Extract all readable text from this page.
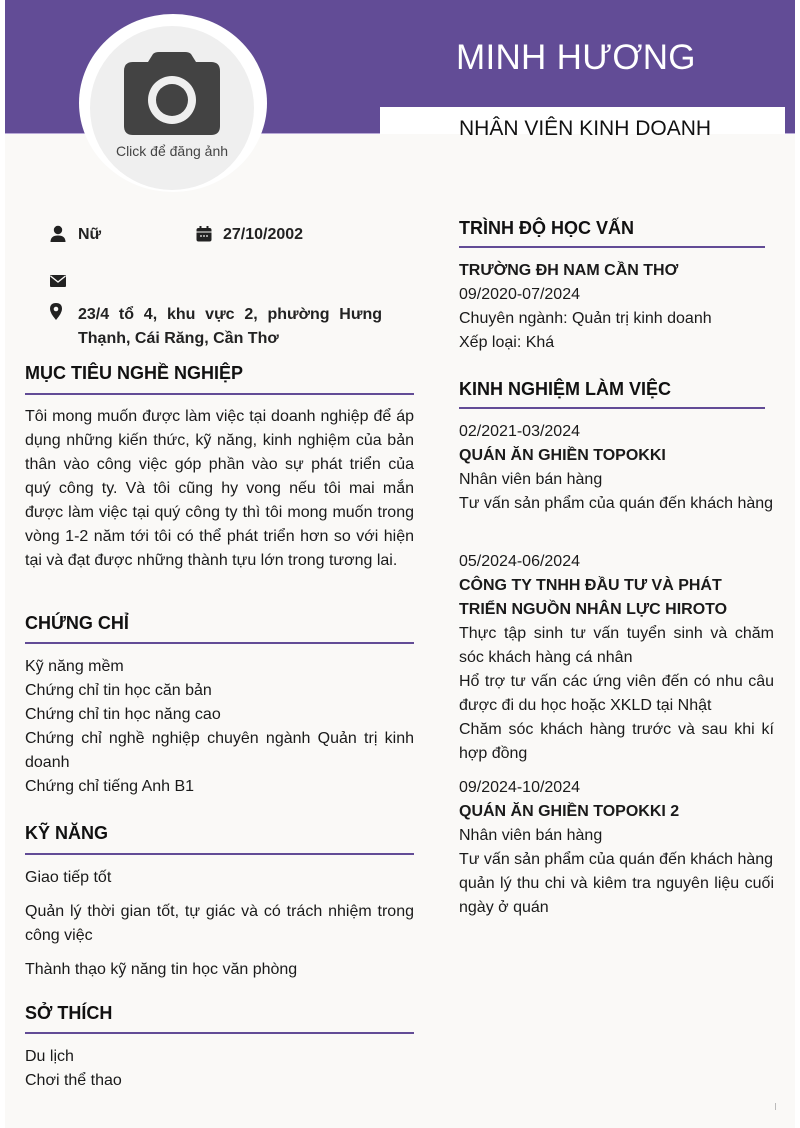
MINH HƯƠNG
NHÂN VIÊN KINH DOANH
Click để đăng ảnh
Nữ	27/10/2002
23/4 tổ 4, khu vực 2, phường Hưng Thạnh, Cái Răng, Cần Thơ
MỤC TIÊU NGHỀ NGHIỆP
Tôi mong muốn được làm việc tại doanh nghiệp để áp dụng những kiến thức, kỹ năng, kinh nghiệm của bản thân vào công việc góp phần vào sự phát triển của quý công ty. Và tôi cũng hy vong nếu tôi mai mắn được làm việc tại quý công ty thì tôi mong muốn trong vòng 1-2 năm tới tôi có thể phát triển hơn so với hiện tại và đạt được những thành tựu lớn trong tương lai.
CHỨNG CHỈ
Kỹ năng mềm
Chứng chỉ tin học căn bản
Chứng chỉ tin học năng cao
Chứng chỉ nghề nghiệp chuyên ngành Quản trị kinh doanh
Chứng chỉ tiếng Anh B1
KỸ NĂNG
Giao tiếp tốt
Quản lý thời gian tốt, tự giác và có trách nhiệm trong công việc
Thành thạo kỹ năng tin học văn phòng
SỞ THÍCH
Du lịch
Chơi thể thao
TRÌNH ĐỘ HỌC VẤN
TRƯỜNG ĐH NAM CẦN THƠ
09/2020-07/2024
Chuyên ngành: Quản trị kinh doanh
Xếp loại: Khá
KINH NGHIỆM LÀM VIỆC
02/2021-03/2024
QUÁN ĂN GHIỀN TOPOKKI
Nhân viên bán hàng
Tư vấn sản phẩm của quán đến khách hàng
05/2024-06/2024
CÔNG TY TNHH ĐẦU TƯ VÀ PHÁT TRIỂN NGUỒN NHÂN LỰC HIROTO
Thực tập sinh tư vấn tuyển sinh và chăm sóc khách hàng cá nhân
Hổ trợ tư vấn các ứng viên đến có nhu câu được đi du học hoặc XKLD tại Nhật
Chăm sóc khách hàng trước và sau khi kí hợp đồng
09/2024-10/2024
QUÁN ĂN GHIỀN TOPOKKI 2
Nhân viên bán hàng
Tư vấn sản phẩm của quán đến khách hàng
quản lý thu chi và kiêm tra nguyên liệu cuối ngày ở quán
